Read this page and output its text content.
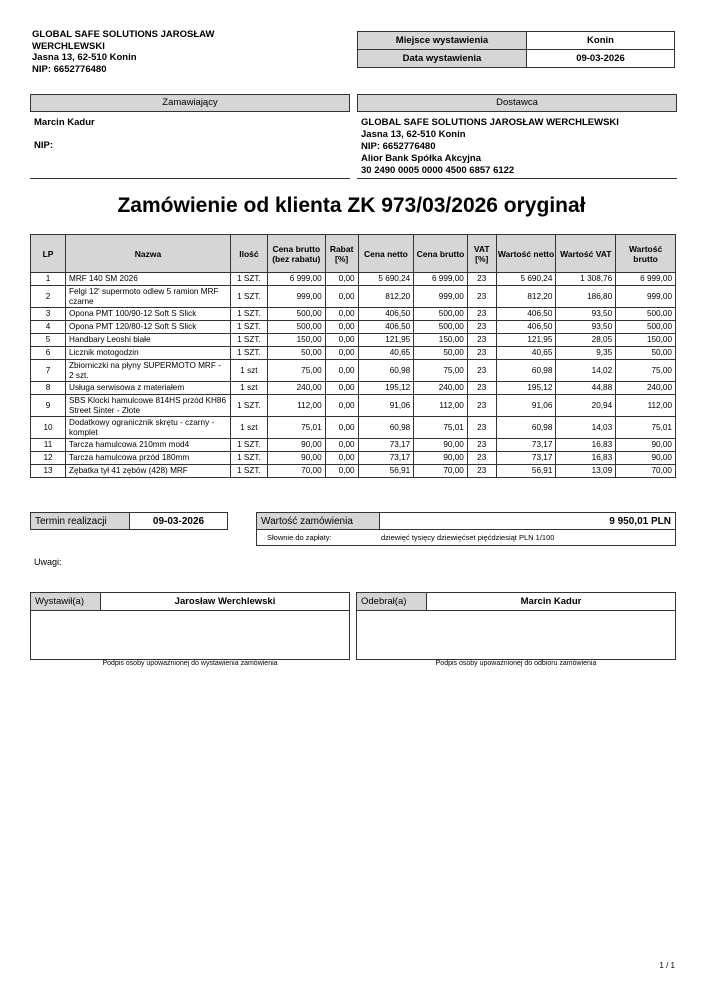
GLOBAL SAFE SOLUTIONS JAROSŁAW WERCHLEWSKI
Jasna 13, 62-510 Konin
NIP: 6652776480
Miejsce wystawienia	Konin
Data wystawienia	09-03-2026
Zamawiający
Marcin Kadur
NIP:
Dostawca
GLOBAL SAFE SOLUTIONS JAROSŁAW WERCHLEWSKI
Jasna 13, 62-510 Konin
NIP: 6652776480
Alior Bank Spółka Akcyjna
30 2490 0005 0000 4500 6857 6122
Zamówienie od klienta ZK 973/03/2026 oryginał
LP	Nazwa	Ilość	Cena brutto (bez rabatu)	Rabat [%]	Cena netto	Cena brutto	VAT [%]	Wartość netto	Wartość VAT	Wartość brutto
1	MRF 140 SM 2026	1 SZT.	6 999,00	0,00	5 690,24	6 999,00	23	5 690,24	1 308,76	6 999,00
2	Felgi 12' supermoto odlew 5 ramion MRF czarne	1 SZT.	999,00	0,00	812,20	999,00	23	812,20	186,80	999,00
3	Opona PMT 100/90-12 Soft S Slick	1 SZT.	500,00	0,00	406,50	500,00	23	406,50	93,50	500,00
4	Opona PMT 120/80-12 Soft S Slick	1 SZT.	500,00	0,00	406,50	500,00	23	406,50	93,50	500,00
5	Handbary Leoshi białe	1 SZT.	150,00	0,00	121,95	150,00	23	121,95	28,05	150,00
6	Licznik motogodzin	1 SZT.	50,00	0,00	40,65	50,00	23	40,65	9,35	50,00
7	Zbiorniczki na płyny SUPERMOTO MRF - 2 szt.	1 szt	75,00	0,00	60,98	75,00	23	60,98	14,02	75,00
8	Usługa serwisowa z materiałem	1 szt	240,00	0,00	195,12	240,00	23	195,12	44,88	240,00
9	SBS Klocki hamulcowe 814HS przód KH86 Street Sinter - Złote	1 SZT.	112,00	0,00	91,06	112,00	23	91,06	20,94	112,00
10	Dodatkowy ogranicznik skrętu - czarny - komplet	1 szt	75,01	0,00	60,98	75,01	23	60,98	14,03	75,01
11	Tarcza hamulcowa 210mm mod4	1 SZT.	90,00	0,00	73,17	90,00	23	73,17	16,83	90,00
12	Tarcza hamulcowa przód 180mm	1 SZT.	90,00	0,00	73,17	90,00	23	73,17	16,83	90,00
13	Zębatka tył 41 zębów (428) MRF	1 SZT.	70,00	0,00	56,91	70,00	23	56,91	13,09	70,00
Termin realizacji	09-03-2026	Wartość zamówienia	9 950,01 PLN
Słownie do zapłaty:	dziewięć tysięcy dziewięćset pięćdziesiąt PLN 1/100
Uwagi:
Wystawił(a)	Jarosław Werchlewski
Podpis osoby upoważnionej do wystawienia zamówienia
Odebrał(a)	Marcin Kadur
Podpis osoby upoważnionej do odbioru zamówienia
1 / 1
